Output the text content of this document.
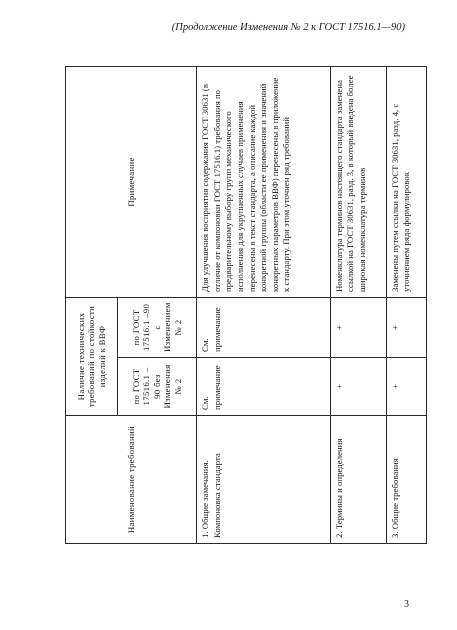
(Продолжение Изменения № 2 к ГОСТ 17516.1—90)
Наименование требований	Наличие технических требований по стойкости изделий к ВВФ		Примечание
	по ГОСТ 17516.1 – 90 без Изменения № 2	по ГОСТ 17516.1 –90 с Изменением № 2	
1. Общие замечания. Компоновка стандарта	См. примечание	См. примечание	Для улучшения восприятия содержания ГОСТ 30631 (в отличие от компоновки ГОСТ 17516.1) требования по предварительному выбору групп механического исполнения для укрупненных случаев применения перенесены в текст стандарта, а описание каждой конкретной группы (области ее применения и значений конкретных параметров ВВФ) перенесены в приложение к стандарту. При этом уточнен ряд требований
2. Термины и определения	+	+	Номенклатура терминов настоящего стандарта заменена ссылкой на ГОСТ 30631, разд. 3, в который введена более широкая номенклатура терминов
3. Общие требования	+	+	Заменены путем ссылки на ГОСТ 30631, разд. 4, с уточнением ряда формулировок
3
